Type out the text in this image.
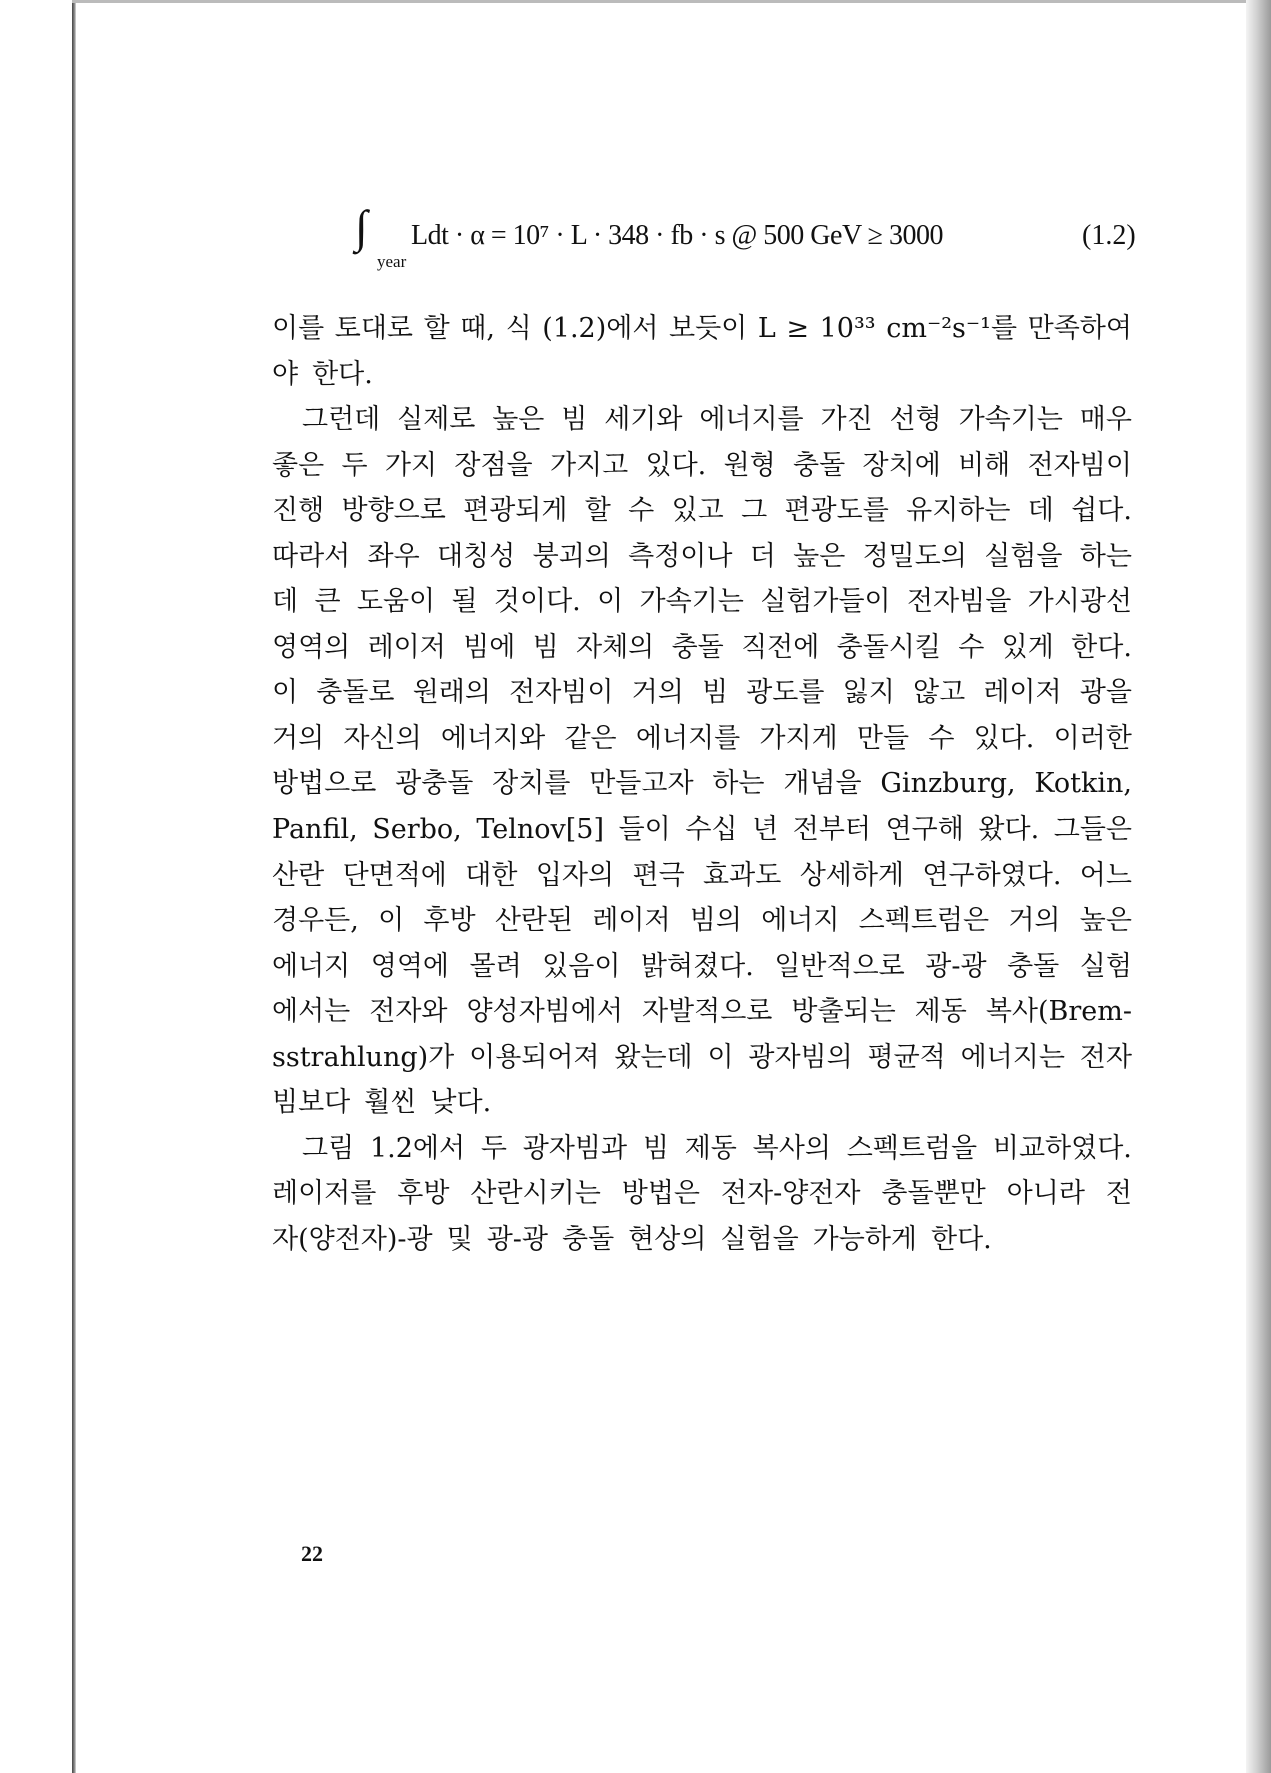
∫
year
Ldt · α = 10⁷ · L · 348 · fb · s @ 500 GeV ≥ 3000	(1.2)
이를 토대로 할 때, 식 (1.2)에서 보듯이 L ≥ 10³³ cm⁻²s⁻¹를 만족하여
야 한다.
그런데 실제로 높은 빔 세기와 에너지를 가진 선형 가속기는 매우
좋은 두 가지 장점을 가지고 있다. 원형 충돌 장치에 비해 전자빔이
진행 방향으로 편광되게 할 수 있고 그 편광도를 유지하는 데 쉽다.
따라서 좌우 대칭성 붕괴의 측정이나 더 높은 정밀도의 실험을 하는
데 큰 도움이 될 것이다. 이 가속기는 실험가들이 전자빔을 가시광선
영역의 레이저 빔에 빔 자체의 충돌 직전에 충돌시킬 수 있게 한다.
이 충돌로 원래의 전자빔이 거의 빔 광도를 잃지 않고 레이저 광을
거의 자신의 에너지와 같은 에너지를 가지게 만들 수 있다. 이러한
방법으로 광충돌 장치를 만들고자 하는 개념을 Ginzburg, Kotkin,
Panfil, Serbo, Telnov[5] 들이 수십 년 전부터 연구해 왔다. 그들은
산란 단면적에 대한 입자의 편극 효과도 상세하게 연구하였다. 어느
경우든, 이 후방 산란된 레이저 빔의 에너지 스펙트럼은 거의 높은
에너지 영역에 몰려 있음이 밝혀졌다. 일반적으로 광-광 충돌 실험
에서는 전자와 양성자빔에서 자발적으로 방출되는 제동 복사(Brem-
sstrahlung)가 이용되어져 왔는데 이 광자빔의 평균적 에너지는 전자
빔보다 훨씬 낮다.
그림 1.2에서 두 광자빔과 빔 제동 복사의 스펙트럼을 비교하였다.
레이저를 후방 산란시키는 방법은 전자-양전자 충돌뿐만 아니라 전
자(양전자)-광 및 광-광 충돌 현상의 실험을 가능하게 한다.
22
